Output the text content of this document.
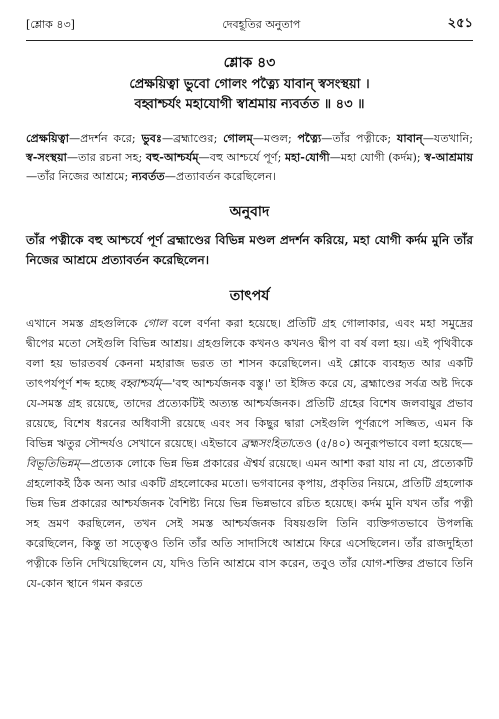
[শ্লোক ৪৩]	দেবহূতির অনুতাপ	২৫১
শ্লোক ৪৩
প্রেক্ষয়িত্বা ভুবো গোলং পত্ন্যৈ যাবান্ স্বসংস্থয়া ।
বহ্বাশ্চর্যং মহাযোগী স্বাশ্রমায় ন্যবর্তত ॥ ৪৩ ॥
প্রেক্ষয়িত্বা—প্রদর্শন করে; ভুবঃ—ব্রহ্মাণ্ডের; গোলম্—মণ্ডল; পত্ন্যৈ—তাঁর পত্নীকে; যাবান্—যতখানি; স্ব-সংস্থয়া—তার রচনা সহ; বহু-আশ্চর্যম্—বহু আশ্চর্যে পূর্ণ; মহা-যোগী—মহা যোগী (কর্দম); স্ব-আশ্রমায়—তাঁর নিজের আশ্রমে; ন্যবর্তত—প্রত্যাবর্তন করেছিলেন।
অনুবাদ
তাঁর পত্নীকে বহু আশ্চর্যে পূর্ণ ব্রহ্মাণ্ডের বিভিন্ন মণ্ডল প্রদর্শন করিয়ে, মহা যোগী কর্দম মুনি তাঁর নিজের আশ্রমে প্রত্যাবর্তন করেছিলেন।
তাৎপর্য

এখানে সমস্ত গ্রহগুলিকে গোল বলে বর্ণনা করা হয়েছে। প্রতিটি গ্রহ গোলাকার, এবং মহা সমুদ্রের দ্বীপের মতো সেইগুলি বিভিন্ন আশ্রয়। গ্রহগুলিকে কখনও কখনও দ্বীপ বা বর্ষ বলা হয়। এই পৃথিবীকে বলা হয় ভারতবর্ষ কেননা মহারাজ ভরত তা শাসন করেছিলেন। এই শ্লোকে ব্যবহৃত আর একটি তাৎপর্যপূর্ণ শব্দ হচ্ছে বহ্বাশ্চর্যম্—'বহু আশ্চর্যজনক বস্তু।' তা ইঙ্গিত করে যে, ব্রহ্মাণ্ডের সর্বত্র অষ্ট দিকে যে-সমস্ত গ্রহ রয়েছে, তাদের প্রত্যেকটিই অত্যন্ত আশ্চর্যজনক। প্রতিটি গ্রহের বিশেষ জলবায়ুর প্রভাব রয়েছে, বিশেষ ধরনের অধিবাসী রয়েছে এবং সব কিছুর দ্বারা সেইগুলি পূর্ণরূপে সজ্জিত, এমন কি বিভিন্ন ঋতুর সৌন্দর্যও সেখানে রয়েছে। এইভাবে ব্রহ্মসংহিতাতেও (৫/৪০) অনুরূপভাবে বলা হয়েছে—বিভূতিভিন্নম্—প্রত্যেক লোকে ভিন্ন ভিন্ন প্রকারের ঐশ্বর্য রয়েছে। এমন আশা করা যায় না যে, প্রত্যেকটি গ্রহলোকই ঠিক অন্য আর একটি গ্রহলোকের মতো। ভগবানের কৃপায়, প্রকৃতির নিয়মে, প্রতিটি গ্রহলোক ভিন্ন ভিন্ন প্রকারের আশ্চর্যজনক বৈশিষ্ট্য নিয়ে ভিন্ন ভিন্নভাবে রচিত হয়েছে। কর্দম মুনি যখন তাঁর পত্নী সহ ভ্রমণ করছিলেন, তখন সেই সমস্ত আশ্চর্যজনক বিষয়গুলি তিনি ব্যক্তিগতভাবে উপলব্ধি করেছিলেন, কিন্তু তা সত্ত্বেও তিনি তাঁর অতি সাদাসিধে আশ্রমে ফিরে এসেছিলেন। তাঁর রাজদুহিতা পত্নীকে তিনি দেখিয়েছিলেন যে, যদিও তিনি আশ্রমে বাস করেন, তবুও তাঁর যোগ-শক্তির প্রভাবে তিনি যে-কোন স্থানে গমন করতে
